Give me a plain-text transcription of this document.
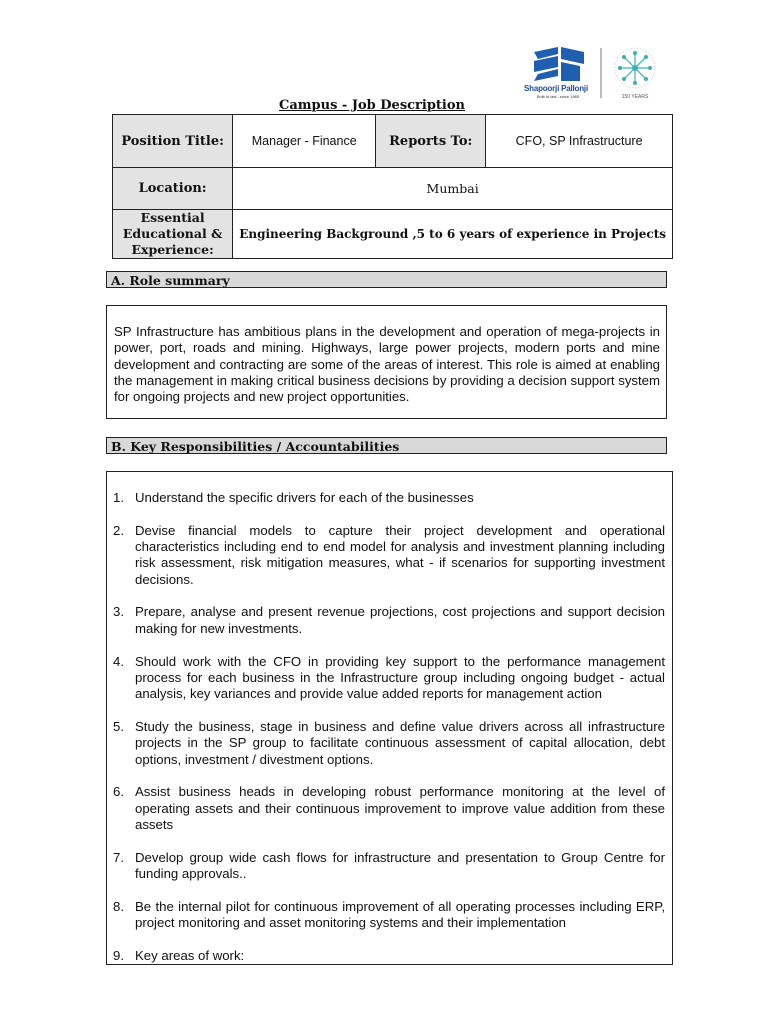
150 YEARS
Shapoorji Pallonji
Built to last...since 1865
Campus - Job Description
Position Title:	Manager - Finance	Reports To:	CFO, SP Infrastructure
Location:	Mumbai		
Essential Educational & Experience:	Engineering Background ,5 to 6 years of experience in Projects		
A. Role summary
SP Infrastructure has ambitious plans in the development and operation of mega-projects in power, port, roads and mining. Highways, large power projects, modern ports and mine development and contracting are some of the areas of interest. This role is aimed at enabling the management in making critical business decisions by providing a decision support system for ongoing projects and new project opportunities.
B. Key Responsibilities / Accountabilities
1. Understand the specific drivers for each of the businesses
2. Devise financial models to capture their project development and operational characteristics including end to end model for analysis and investment planning including risk assessment, risk mitigation measures, what - if scenarios for supporting investment decisions.
3. Prepare, analyse and present revenue projections, cost projections and support decision making for new investments.
4. Should work with the CFO in providing key support to the performance management process for each business in the Infrastructure group including ongoing budget - actual analysis, key variances and provide value added reports for management action
5. Study the business, stage in business and define value drivers across all infrastructure projects in the SP group to facilitate continuous assessment of capital allocation, debt options, investment / divestment options.
6. Assist business heads in developing robust performance monitoring at the level of operating assets and their continuous improvement to improve value addition from these assets
7. Develop group wide cash flows for infrastructure and presentation to Group Centre for funding approvals..
8. Be the internal pilot for continuous improvement of all operating processes including ERP, project monitoring and asset monitoring systems and their implementation
9. Key areas of work:
